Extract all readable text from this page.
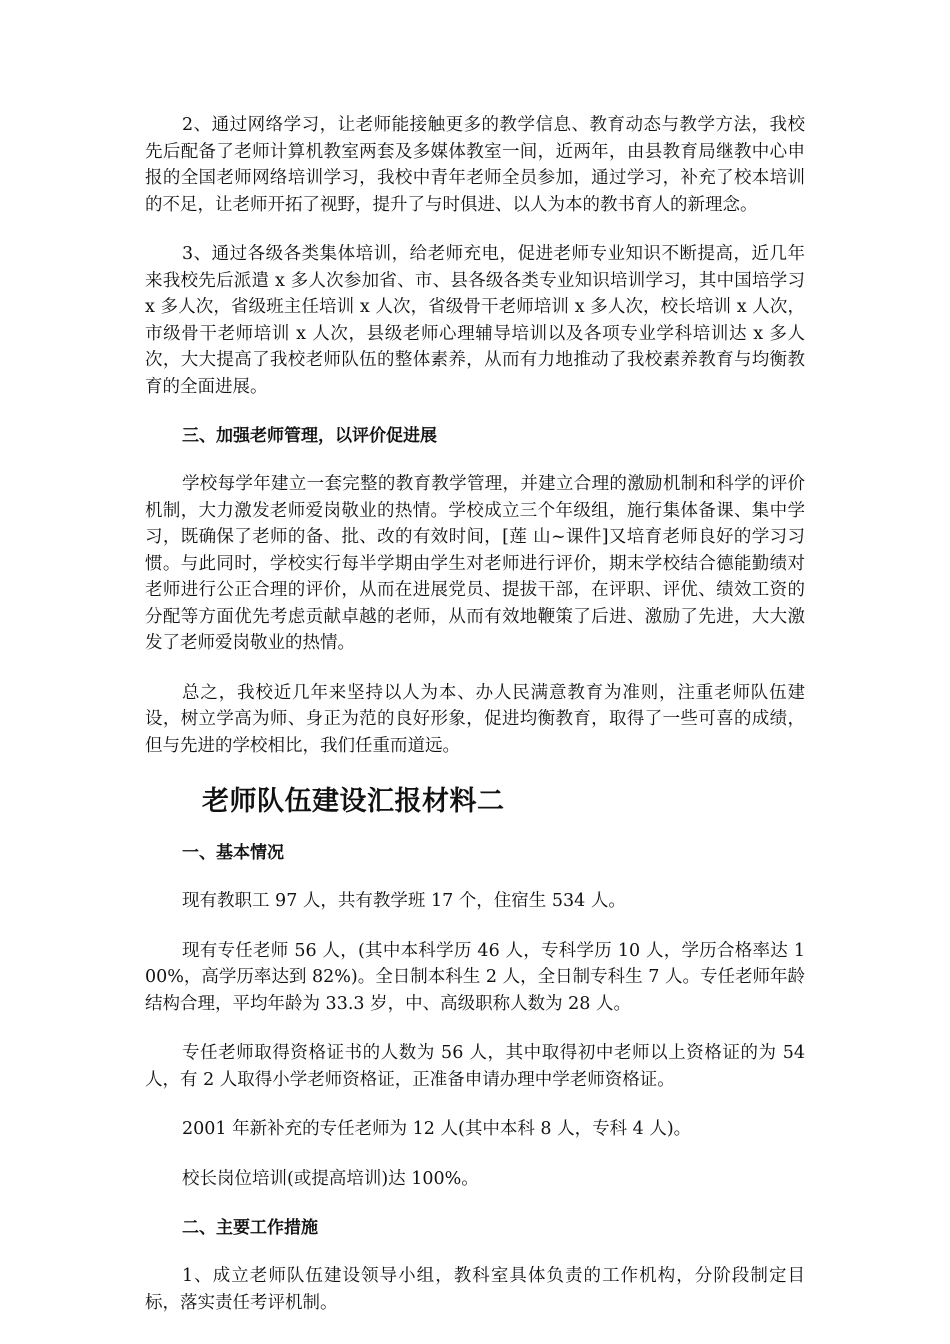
2、通过网络学习，让老师能接触更多的教学信息、教育动态与教学方法，我校先后配备了老师计算机教室两套及多媒体教室一间，近两年，由县教育局继教中心申报的全国老师网络培训学习，我校中青年老师全员参加，通过学习，补充了校本培训的不足，让老师开拓了视野，提升了与时俱进、以人为本的教书育人的新理念。

3、通过各级各类集体培训，给老师充电，促进老师专业知识不断提高，近几年来我校先后派遣 x 多人次参加省、市、县各级各类专业知识培训学习，其中国培学习 x 多人次，省级班主任培训 x 人次，省级骨干老师培训 x 多人次，校长培训 x 人次，市级骨干老师培训 x 人次，县级老师心理辅导培训以及各项专业学科培训达 x 多人次，大大提高了我校老师队伍的整体素养，从而有力地推动了我校素养教育与均衡教育的全面进展。

三、加强老师管理，以评价促进展

学校每学年建立一套完整的教育教学管理，并建立合理的激励机制和科学的评价机制，大力激发老师爱岗敬业的热情。学校成立三个年级组，施行集体备课、集中学习，既确保了老师的备、批、改的有效时间，[莲 山~课件]又培育老师良好的学习习惯。与此同时，学校实行每半学期由学生对老师进行评价，期末学校结合德能勤绩对老师进行公正合理的评价，从而在进展党员、提拔干部，在评职、评优、绩效工资的分配等方面优先考虑贡献卓越的老师，从而有效地鞭策了后进、激励了先进，大大激发了老师爱岗敬业的热情。

总之，我校近几年来坚持以人为本、办人民满意教育为准则，注重老师队伍建设，树立学高为师、身正为范的良好形象，促进均衡教育，取得了一些可喜的成绩，但与先进的学校相比，我们任重而道远。

老师队伍建设汇报材料二

一、基本情况

现有教职工 97 人，共有教学班 17 个，住宿生 534 人。

现有专任老师 56 人，(其中本科学历 46 人，专科学历 10 人，学历合格率达 100%，高学历率达到 82%)。全日制本科生 2 人，全日制专科生 7 人。专任老师年龄结构合理，平均年龄为 33.3 岁，中、高级职称人数为 28 人。

专任老师取得资格证书的人数为 56 人，其中取得初中老师以上资格证的为 54 人，有 2 人取得小学老师资格证，正准备申请办理中学老师资格证。

2001 年新补充的专任老师为 12 人(其中本科 8 人，专科 4 人)。

校长岗位培训(或提高培训)达 100%。

二、主要工作措施

1、成立老师队伍建设领导小组，教科室具体负责的工作机构，分阶段制定目标，落实责任考评机制。
